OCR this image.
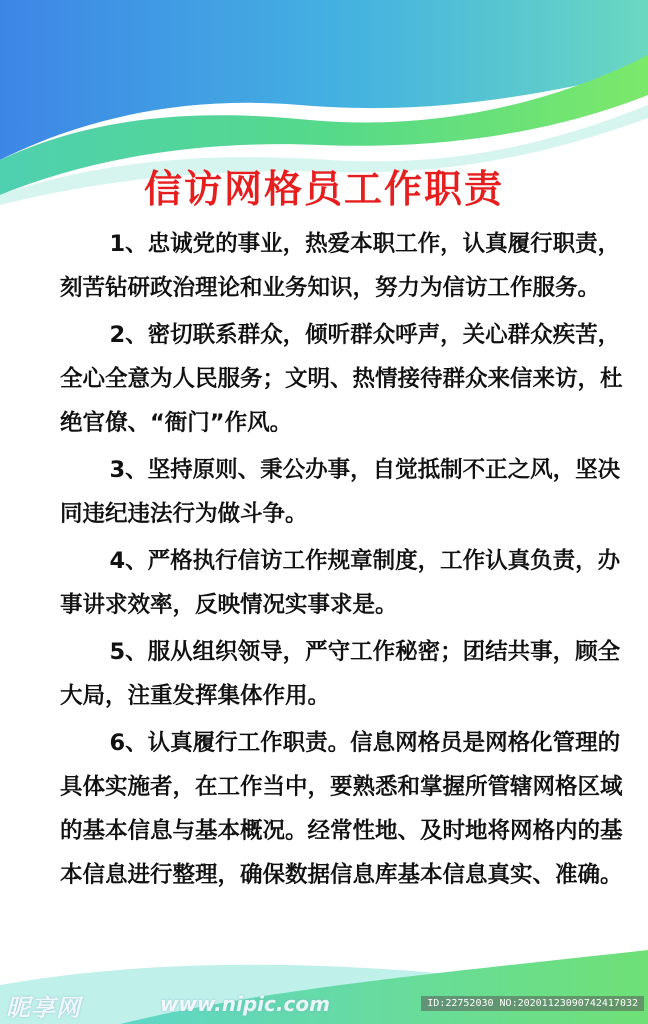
信访网格员工作职责

1、忠诚党的事业，热爱本职工作，认真履行职责，刻苦钻研政治理论和业务知识，努力为信访工作服务。

2、密切联系群众，倾听群众呼声，关心群众疾苦，全心全意为人民服务；文明、热情接待群众来信来访，杜绝官僚、“衙门”作风。

3、坚持原则、秉公办事，自觉抵制不正之风，坚决同违纪违法行为做斗争。

4、严格执行信访工作规章制度，工作认真负责，办事讲求效率，反映情况实事求是。

5、服从组织领导，严守工作秘密；团结共事，顾全大局，注重发挥集体作用。

6、认真履行工作职责。信息网格员是网格化管理的具体实施者，在工作当中，要熟悉和掌握所管辖网格区域的基本信息与基本概况。经常性地、及时地将网格内的基本信息进行整理，确保数据信息库基本信息真实、准确。

昵享网	www.nipic.com	ID:22752030 NO:20201123090742417032
